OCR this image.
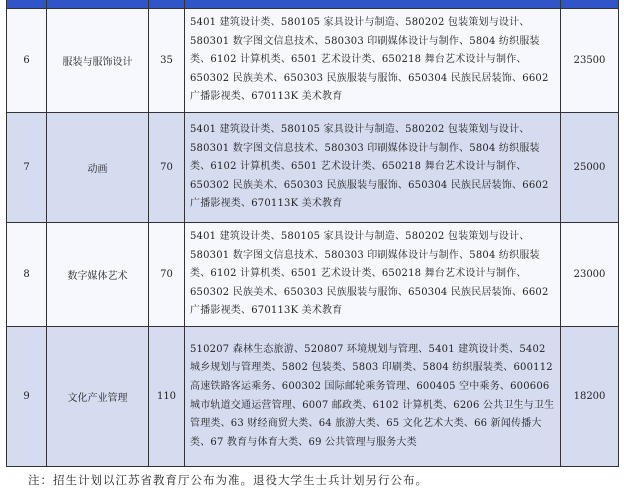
6	服装与服饰设计	35	5401 建筑设计类、580105 家具设计与制造、580202 包装策划与设计、580301 数字图文信息技术、580303 印刷媒体设计与制作、5804 纺织服装类、6102 计算机类、6501 艺术设计类、650218 舞台艺术设计与制作、650302 民族美术、650303 民族服装与服饰、650304 民族民居装饰、6602 广播影视类、670113K 美术教育	23500
7	动画	70	5401 建筑设计类、580105 家具设计与制造、580202 包装策划与设计、580301 数字图文信息技术、580303 印刷媒体设计与制作、5804 纺织服装类、6102 计算机类、6501 艺术设计类、650218 舞台艺术设计与制作、650302 民族美术、650303 民族服装与服饰、650304 民族民居装饰、6602 广播影视类、670113K 美术教育	25000
8	数字媒体艺术	70	5401 建筑设计类、580105 家具设计与制造、580202 包装策划与设计、580301 数字图文信息技术、580303 印刷媒体设计与制作、5804 纺织服装类、6102 计算机类、6501 艺术设计类、650218 舞台艺术设计与制作、650302 民族美术、650303 民族服装与服饰、650304 民族民居装饰、6602 广播影视类、670113K 美术教育	23000
9	文化产业管理	110	510207 森林生态旅游、520807 环境规划与管理、5401 建筑设计类、5402 城乡规划与管理类、5802 包装类、5803 印刷类、5804 纺织服装类、600112 高速铁路客运乘务、600302 国际邮轮乘务管理、600405 空中乘务、600606 城市轨道交通运营管理、6007 邮政类、6102 计算机类、6206 公共卫生与卫生管理类、63 财经商贸大类、64 旅游大类、65 文化艺术大类、66 新闻传播大类、67 教育与体育大类、69 公共管理与服务大类	18200
注：招生计划以江苏省教育厅公布为准。退役大学生士兵计划另行公布。
